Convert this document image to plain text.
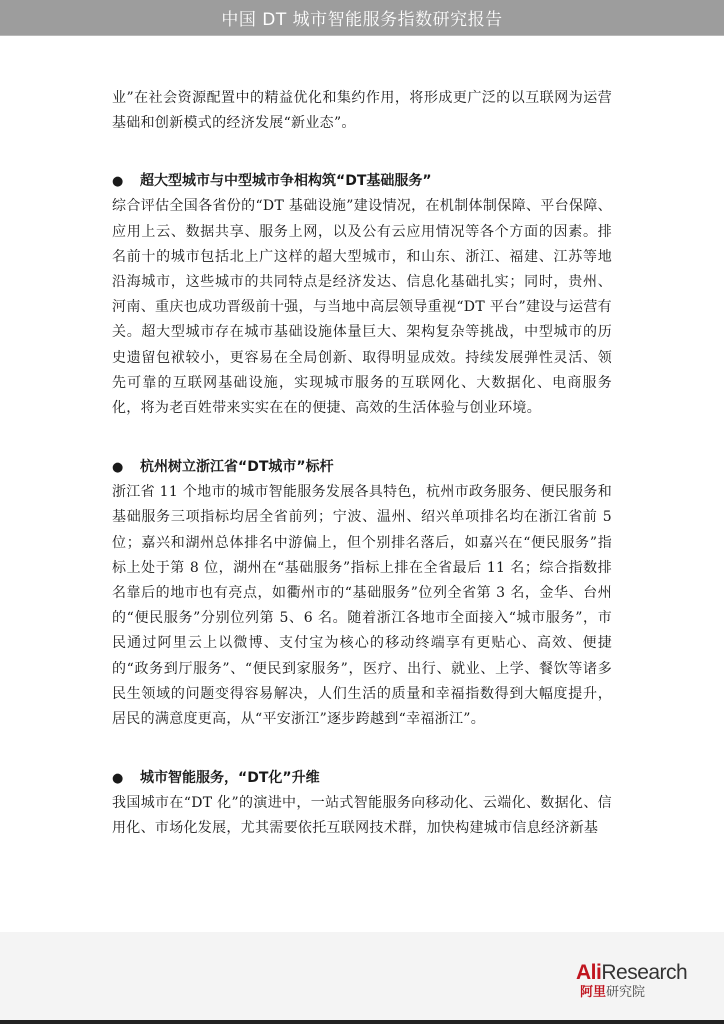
中国 DT 城市智能服务指数研究报告

业”在社会资源配置中的精益优化和集约作用，将形成更广泛的以互联网为运营基础和创新模式的经济发展“新业态”。

●	超大型城市与中型城市争相构筑“DT基础服务”

综合评估全国各省份的“DT 基础设施”建设情况，在机制体制保障、平台保障、应用上云、数据共享、服务上网，以及公有云应用情况等各个方面的因素。排名前十的城市包括北上广这样的超大型城市，和山东、浙江、福建、江苏等地沿海城市，这些城市的共同特点是经济发达、信息化基础扎实；同时，贵州、河南、重庆也成功晋级前十强，与当地中高层领导重视“DT 平台”建设与运营有关。超大型城市存在城市基础设施体量巨大、架构复杂等挑战，中型城市的历史遗留包袱较小，更容易在全局创新、取得明显成效。持续发展弹性灵活、领先可靠的互联网基础设施，实现城市服务的互联网化、大数据化、电商服务化，将为老百姓带来实实在在的便捷、高效的生活体验与创业环境。

●	杭州树立浙江省“DT城市”标杆

浙江省 11 个地市的城市智能服务发展各具特色，杭州市政务服务、便民服务和基础服务三项指标均居全省前列；宁波、温州、绍兴单项排名均在浙江省前 5 位；嘉兴和湖州总体排名中游偏上，但个别排名落后，如嘉兴在“便民服务”指标上处于第 8 位，湖州在“基础服务”指标上排在全省最后 11 名；综合指数排名靠后的地市也有亮点，如衢州市的“基础服务”位列全省第 3 名，金华、台州的“便民服务”分别位列第 5、6 名。随着浙江各地市全面接入“城市服务”，市民通过阿里云上以微博、支付宝为核心的移动终端享有更贴心、高效、便捷的“政务到厅服务”、“便民到家服务”，医疗、出行、就业、上学、餐饮等诸多民生领域的问题变得容易解决，人们生活的质量和幸福指数得到大幅度提升，居民的满意度更高，从“平安浙江”逐步跨越到“幸福浙江”。

●	城市智能服务，“DT化”升维

我国城市在“DT 化”的演进中，一站式智能服务向移动化、云端化、数据化、信用化、市场化发展，尤其需要依托互联网技术群，加快构建城市信息经济新基

AliResearch
阿里研究院
